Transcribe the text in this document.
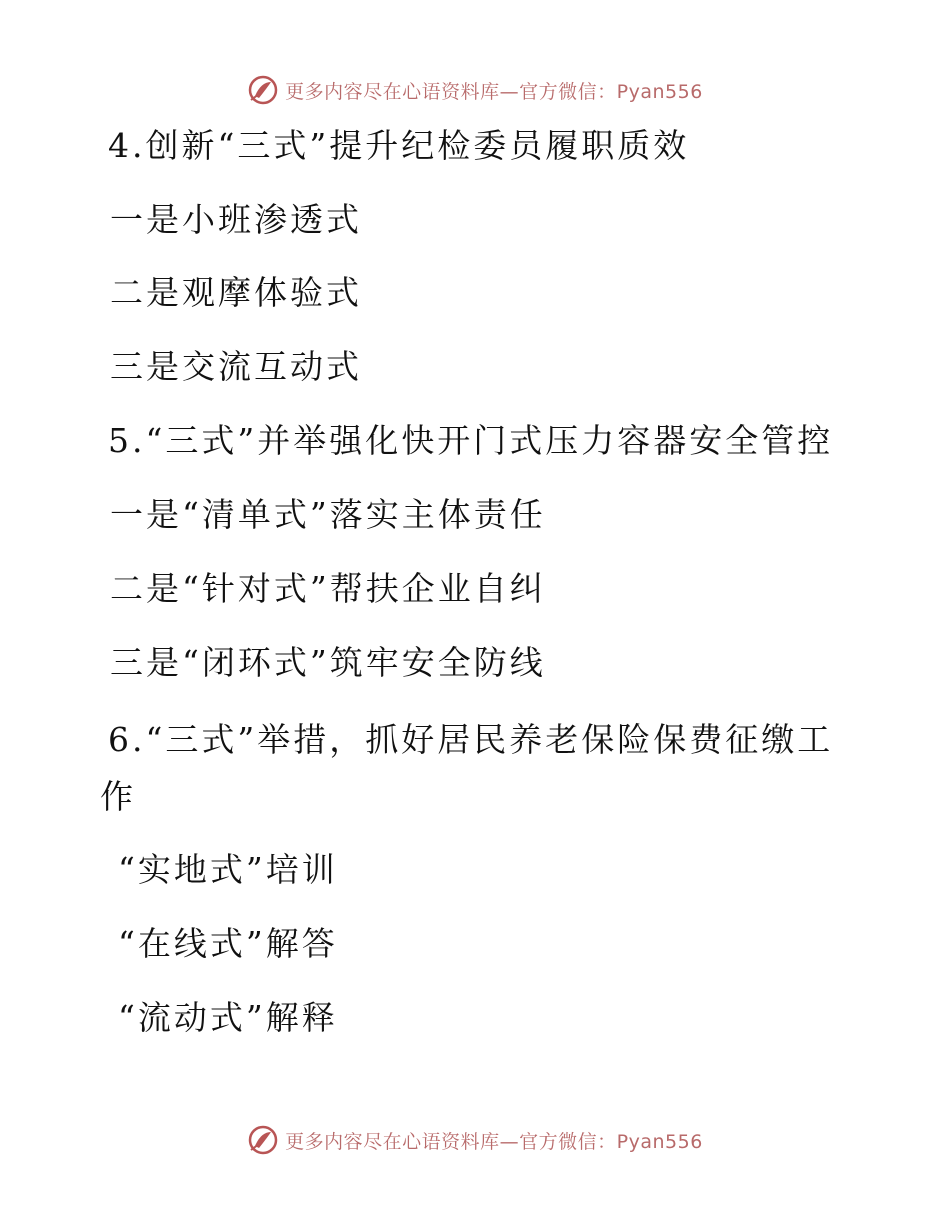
更多内容尽在心语资料库—官方微信：Pyan556
4.创新“三式”提升纪检委员履职质效
一是小班渗透式
二是观摩体验式
三是交流互动式
5.“三式”并举强化快开门式压力容器安全管控
一是“清单式”落实主体责任
二是“针对式”帮扶企业自纠
三是“闭环式”筑牢安全防线
6.“三式”举措，抓好居民养老保险保费征缴工作
“实地式”培训
“在线式”解答
“流动式”解释
更多内容尽在心语资料库—官方微信：Pyan556
